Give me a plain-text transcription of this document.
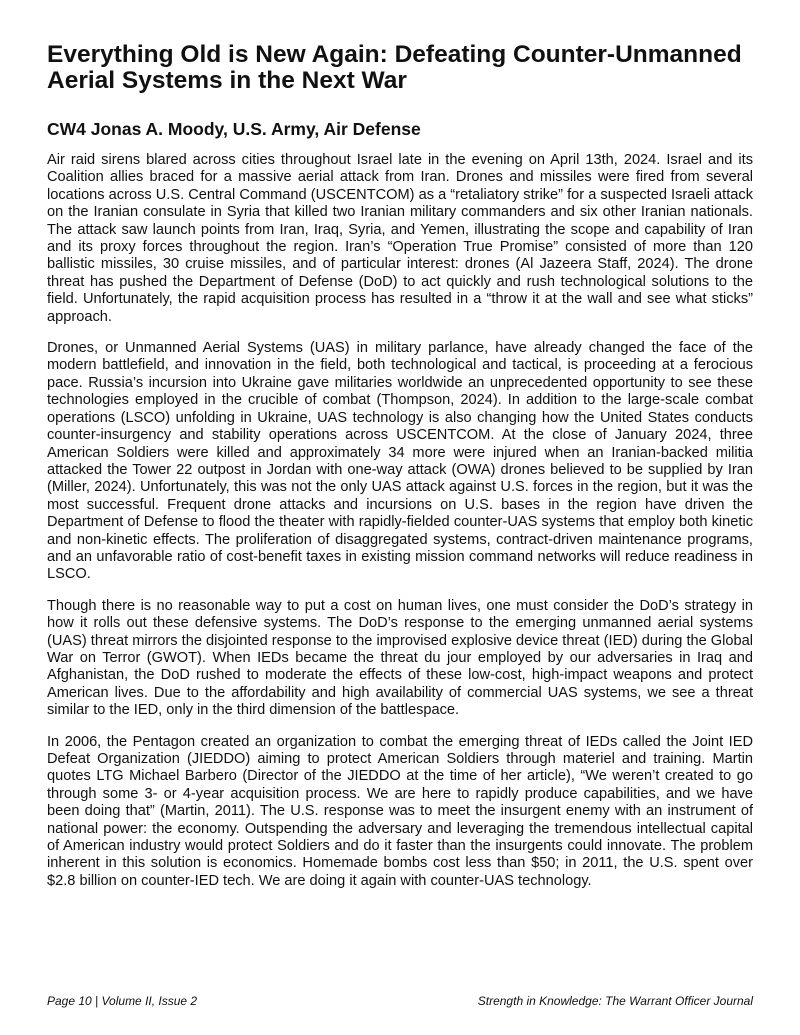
Everything Old is New Again: Defeating Counter-Unmanned Aerial Systems in the Next War
CW4 Jonas A. Moody, U.S. Army, Air Defense

Air raid sirens blared across cities throughout Israel late in the evening on April 13th, 2024. Israel and its Coalition allies braced for a massive aerial attack from Iran. Drones and missiles were fired from several locations across U.S. Central Command (USCENTCOM) as a “retaliatory strike” for a suspected Israeli attack on the Iranian consulate in Syria that killed two Iranian military commanders and six other Iranian nationals. The attack saw launch points from Iran, Iraq, Syria, and Yemen, illustrating the scope and capability of Iran and its proxy forces throughout the region. Iran’s “Operation True Promise” consisted of more than 120 ballistic missiles, 30 cruise missiles, and of particular interest: drones (Al Jazeera Staff, 2024). The drone threat has pushed the Department of Defense (DoD) to act quickly and rush technological solutions to the field. Unfortunately, the rapid acquisition process has resulted in a “throw it at the wall and see what sticks” approach.

Drones, or Unmanned Aerial Systems (UAS) in military parlance, have already changed the face of the modern battlefield, and innovation in the field, both technological and tactical, is proceeding at a ferocious pace. Russia’s incursion into Ukraine gave militaries worldwide an unprecedented opportunity to see these technologies employed in the crucible of combat (Thompson, 2024). In addition to the large-scale combat operations (LSCO) unfolding in Ukraine, UAS technology is also changing how the United States conducts counter-insurgency and stability operations across USCENTCOM. At the close of January 2024, three American Soldiers were killed and approximately 34 more were injured when an Iranian-backed militia attacked the Tower 22 outpost in Jordan with one-way attack (OWA) drones believed to be supplied by Iran (Miller, 2024). Unfortunately, this was not the only UAS attack against U.S. forces in the region, but it was the most successful. Frequent drone attacks and incursions on U.S. bases in the region have driven the Department of Defense to flood the theater with rapidly-fielded counter-UAS systems that employ both kinetic and non-kinetic effects. The proliferation of disaggregated systems, contract-driven maintenance programs, and an unfavorable ratio of cost-benefit taxes in existing mission command networks will reduce readiness in LSCO.

Though there is no reasonable way to put a cost on human lives, one must consider the DoD’s strategy in how it rolls out these defensive systems. The DoD’s response to the emerging unmanned aerial systems (UAS) threat mirrors the disjointed response to the improvised explosive device threat (IED) during the Global War on Terror (GWOT). When IEDs became the threat du jour employed by our adversaries in Iraq and Afghanistan, the DoD rushed to moderate the effects of these low-cost, high-impact weapons and protect American lives. Due to the affordability and high availability of commercial UAS systems, we see a threat similar to the IED, only in the third dimension of the battlespace.

In 2006, the Pentagon created an organization to combat the emerging threat of IEDs called the Joint IED Defeat Organization (JIEDDO) aiming to protect American Soldiers through materiel and training. Martin quotes LTG Michael Barbero (Director of the JIEDDO at the time of her article), “We weren’t created to go through some 3- or 4-year acquisition process. We are here to rapidly produce capabilities, and we have been doing that” (Martin, 2011). The U.S. response was to meet the insurgent enemy with an instrument of national power: the economy. Outspending the adversary and leveraging the tremendous intellectual capital of American industry would protect Soldiers and do it faster than the insurgents could innovate. The problem inherent in this solution is economics. Homemade bombs cost less than $50; in 2011, the U.S. spent over $2.8 billion on counter-IED tech. We are doing it again with counter-UAS technology.

Page 10 | Volume II, Issue 2	Strength in Knowledge: The Warrant Officer Journal
